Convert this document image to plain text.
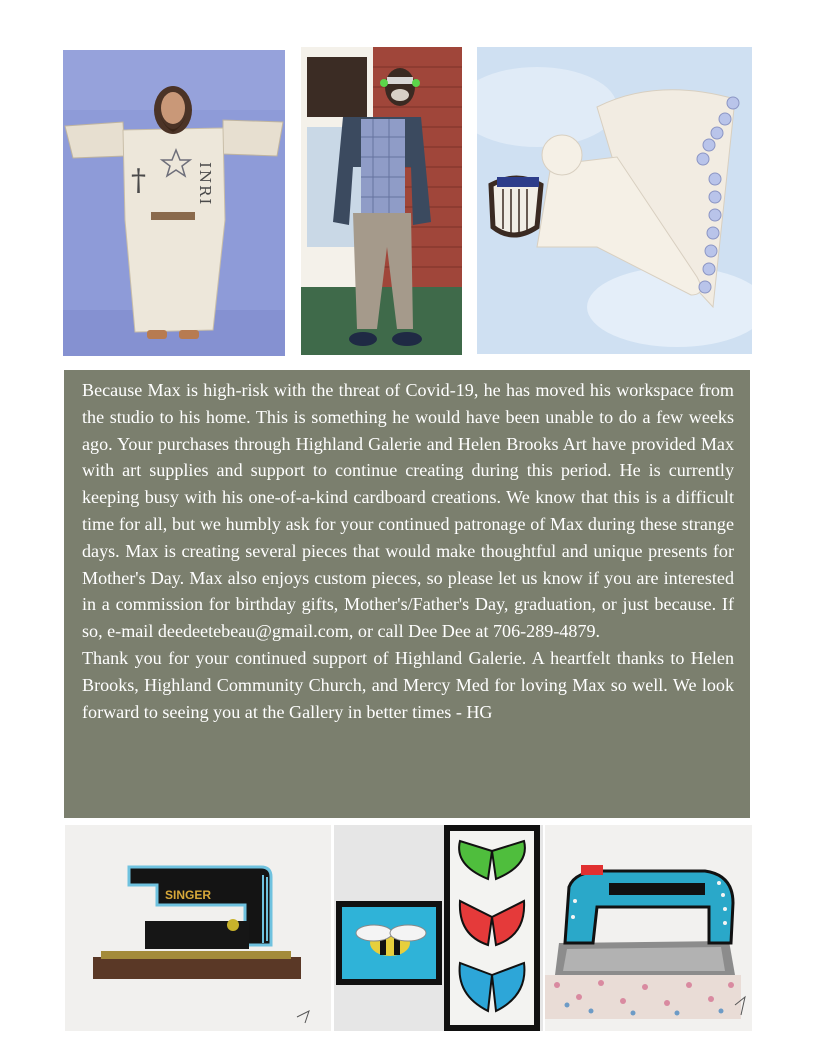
†	INRI

Because Max is high-risk with the threat of Covid-19, he has moved his workspace from the studio to his home. This is something he would have been unable to do a few weeks ago. Your purchases through Highland Galerie and Helen Brooks Art have provided Max with art supplies and support to continue creating during this period. He is currently keeping busy with his one-of-a-kind cardboard creations. We know that this is a difficult time for all, but we humbly ask for your continued patronage of Max during these strange days. Max is creating several pieces that would make thoughtful and unique presents for Mother's Day. Max also enjoys custom pieces, so please let us know if you are interested in a commission for birthday gifts, Mother's/Father's Day, graduation, or just because. If so, e-mail deedeetebeau@gmail.com, or call Dee Dee at 706-289-4879.

Thank you for your continued support of Highland Galerie. A heartfelt thanks to Helen Brooks, Highland Community Church, and Mercy Med for loving Max so well. We look forward to seeing you at the Gallery in better times - HG

SINGER
